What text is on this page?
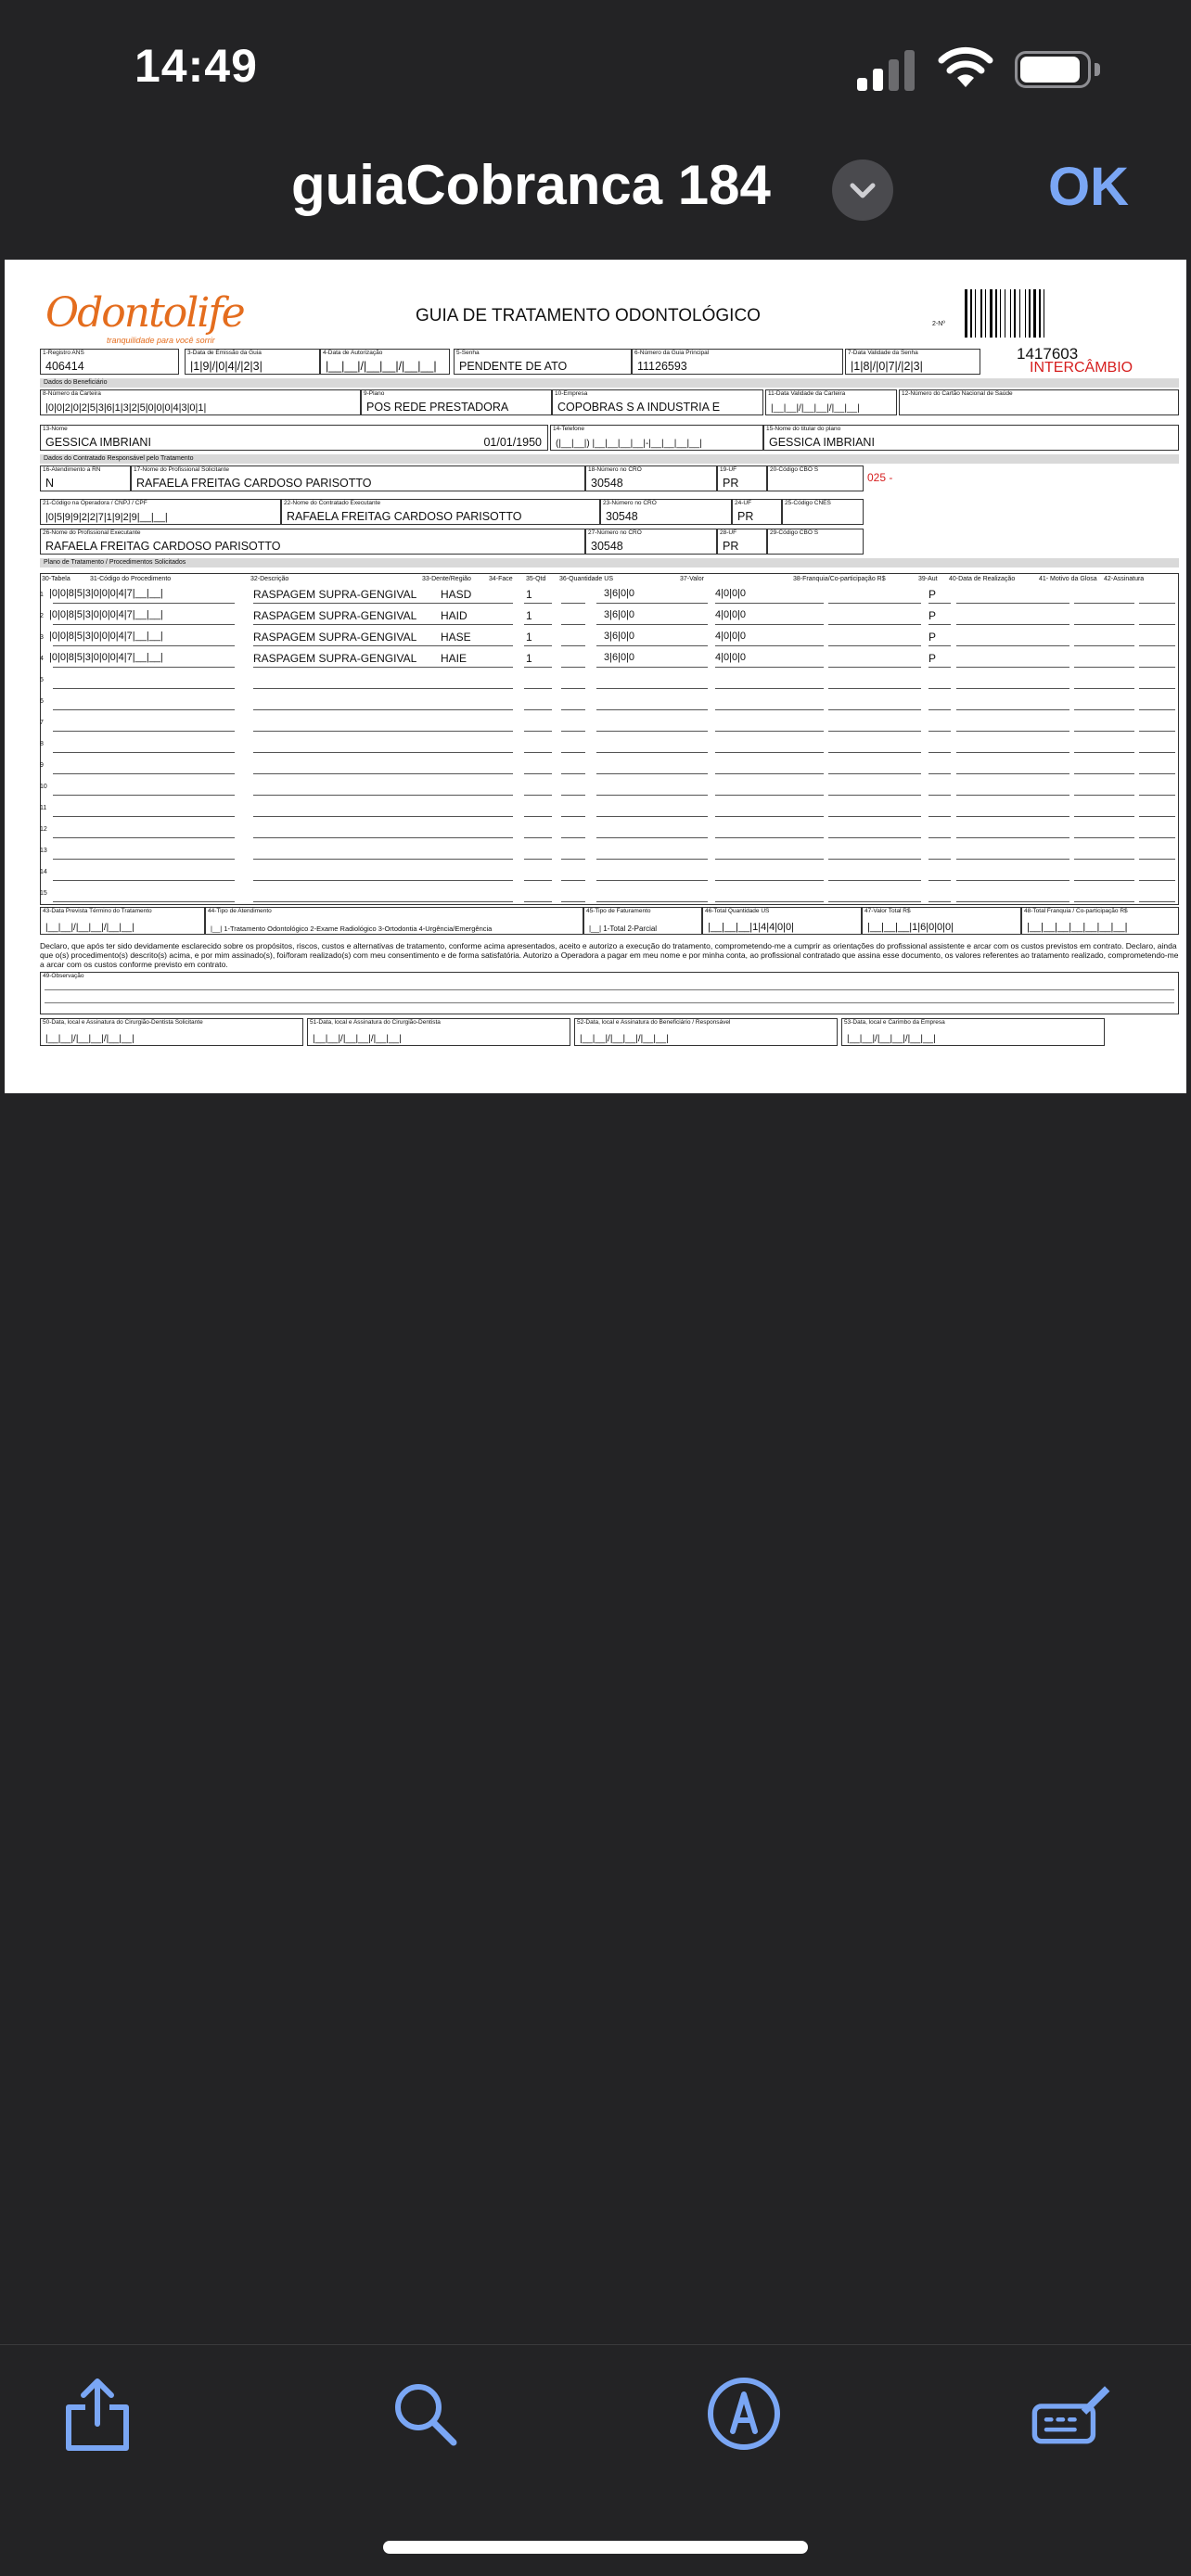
14:49
guiaCobranca 184	OK
Odontolife
tranquilidade para você sorrir
GUIA DE TRATAMENTO ODONTOLÓGICO	2-Nº
1417603
INTERCÂMBIO
1-Registro ANS
406414
3-Data de Emissão da Guia
|1|9|/|0|4|/|2|3|
4-Data de Autorização
|__|__|/|__|__|/|__|__|
5-Senha
PENDENTE DE ATO
6-Número da Guia Principal
11126593
7-Data Validade da Senha
|1|8|/|0|7|/|2|3|
Dados do Beneficiário
8-Número da Carteira
|0|0|2|0|2|5|3|6|1|3|2|5|0|0|0|4|3|0|1|
9-Plano
POS REDE PRESTADORA
10-Empresa
COPOBRAS S A INDUSTRIA E
11-Data Validade da Carteira
|__|__|/|__|__|/|__|__|
12-Número do Cartão Nacional de Saúde
13-Nome
GESSICA IMBRIANI	01/01/1950
14-Telefone
(|__|__|) |__|__|__|__|-|__|__|__|__|
15-Nome do titular do plano
GESSICA IMBRIANI
Dados do Contratado Responsável pelo Tratamento
16-Atendimento a RN
N
17-Nome do Profissional Solicitante
RAFAELA FREITAG CARDOSO PARISOTTO
18-Número no CRO
30548
19-UF
PR
20-Código CBO S
025 -
21-Código na Operadora / CNPJ / CPF
|0|5|9|9|2|2|7|1|9|2|9|__|__|
22-Nome do Contratado Executante
RAFAELA FREITAG CARDOSO PARISOTTO
23-Número no CRO
30548
24-UF
PR
25-Código CNES
26-Nome do Profissional Executante
RAFAELA FREITAG CARDOSO PARISOTTO
27-Número no CRO
30548
28-UF
PR
29-Código CBO S
Plano de Tratamento / Procedimentos Solicitados
30-Tabela	31-Código do Procedimento	32-Descrição	33-Dente/Região	34-Face 35-Qtd 36-Quantidade US	37-Valor	38-Franquia/Co-participação R$	39-Aut 40-Data de Realização	41- Motivo da Glosa 42-Assinatura
1 |0|0|8|5|3|0|0|0|4|7|__|__|	RASPAGEM SUPRA-GENGIVAL HASD	1	3|6|0|0	4|0|0|0	P
2 |0|0|8|5|3|0|0|0|4|7|__|__|	RASPAGEM SUPRA-GENGIVAL HAID	1	3|6|0|0	4|0|0|0	P
3 |0|0|8|5|3|0|0|0|4|7|__|__|	RASPAGEM SUPRA-GENGIVAL HASE	1	3|6|0|0	4|0|0|0	P
4 |0|0|8|5|3|0|0|0|4|7|__|__|	RASPAGEM SUPRA-GENGIVAL HAIE	1	3|6|0|0	4|0|0|0	P
5
6
7
8
9
10
11
12
13
14
15
43-Data Prevista Término do Tratamento
|__|__|/|__|__|/|__|__|
44-Tipo de Atendimento
|__| 1-Tratamento Odontológico 2-Exame Radiológico 3-Ortodontia 4-Urgência/Emergência
45-Tipo de Faturamento
|__| 1-Total 2-Parcial
46-Total Quantidade US
|__|__|__|1|4|4|0|0|
47-Valor Total R$
|__|__|__|1|6|0|0|0|
48-Total Franquia / Co-participação R$
|__|__|__|__|__|__|__|
Declaro, que após ter sido devidamente esclarecido sobre os propósitos, riscos, custos e alternativas de tratamento, conforme acima apresentados, aceito e autorizo a execução do tratamento, comprometendo-me a cumprir as orientações do profissional assistente e arcar com os custos previstos em contrato. Declaro, ainda que o(s) procedimento(s) descrito(s) acima, e por mim assinado(s), foi/foram realizado(s) com meu consentimento e de forma satisfatória. Autorizo a Operadora a pagar em meu nome e por minha conta, ao profissional contratado que assina esse documento, os valores referentes ao tratamento realizado, comprometendo-me a arcar com os custos conforme previsto em contrato.
49-Observação
50-Data, local e Assinatura do Cirurgião-Dentista Solicitante
|__|__|/|__|__|/|__|__|
51-Data, local e Assinatura do Cirurgião-Dentista
|__|__|/|__|__|/|__|__|
52-Data, local e Assinatura do Beneficiário / Responsável
|__|__|/|__|__|/|__|__|
53-Data, local e Carimbo da Empresa
|__|__|/|__|__|/|__|__|
